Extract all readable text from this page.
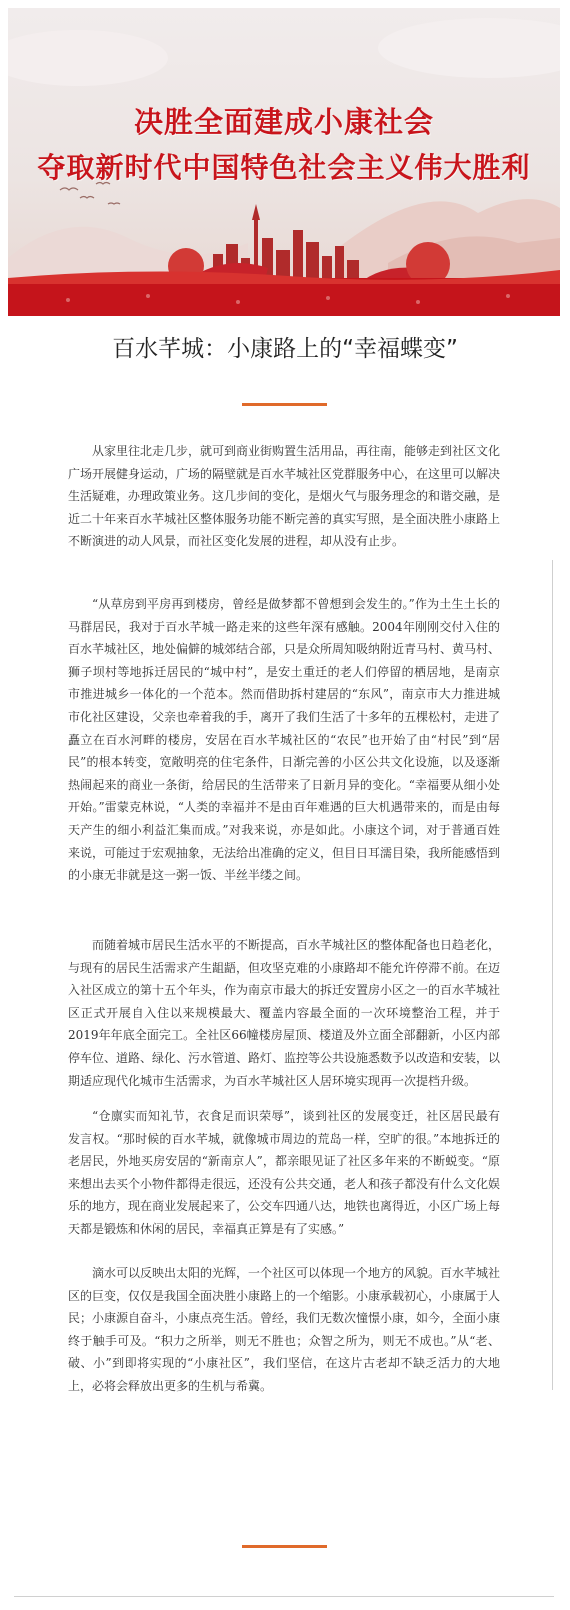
决胜全面建成小康社会
夺取新时代中国特色社会主义伟大胜利
百水芊城：小康路上的“幸福蝶变”

从家里往北走几步，就可到商业街购置生活用品，再往南，能够走到社区文化广场开展健身运动，广场的隔壁就是百水芊城社区党群服务中心，在这里可以解决生活疑难，办理政策业务。这几步间的变化，是烟火气与服务理念的和谐交融，是近二十年来百水芊城社区整体服务功能不断完善的真实写照，是全面决胜小康路上不断演进的动人风景，而社区变化发展的进程，却从没有止步。

“从草房到平房再到楼房，曾经是做梦都不曾想到会发生的。”作为土生土长的马群居民，我对于百水芊城一路走来的这些年深有感触。2004年刚刚交付入住的百水芊城社区，地处偏僻的城郊结合部，只是众所周知吸纳附近青马村、黄马村、狮子坝村等地拆迁居民的“城中村”，是安土重迁的老人们停留的栖居地，是南京市推进城乡一体化的一个范本。然而借助拆村建居的“东风”，南京市大力推进城市化社区建设，父亲也牵着我的手，离开了我们生活了十多年的五棵松村，走进了矗立在百水河畔的楼房，安居在百水芊城社区的“农民”也开始了由“村民”到“居民”的根本转变，宽敞明亮的住宅条件，日渐完善的小区公共文化设施，以及逐渐热闹起来的商业一条街，给居民的生活带来了日新月异的变化。“幸福要从细小处开始。”雷蒙克林说，“人类的幸福并不是由百年难遇的巨大机遇带来的，而是由每天产生的细小利益汇集而成。”对我来说，亦是如此。小康这个词，对于普通百姓来说，可能过于宏观抽象，无法给出准确的定义，但目日耳濡目染，我所能感悟到的小康无非就是这一粥一饭、半丝半缕之间。

而随着城市居民生活水平的不断提高，百水芊城社区的整体配备也日趋老化，与现有的居民生活需求产生龃龉，但攻坚克难的小康路却不能允许停滞不前。在迈入社区成立的第十五个年头，作为南京市最大的拆迁安置房小区之一的百水芊城社区正式开展自入住以来规模最大、覆盖内容最全面的一次环境整治工程，并于2019年年底全面完工。全社区66幢楼房屋顶、楼道及外立面全部翻新，小区内部停车位、道路、绿化、污水管道、路灯、监控等公共设施悉数予以改造和安装，以期适应现代化城市生活需求，为百水芊城社区人居环境实现再一次提档升级。

“仓廪实而知礼节，衣食足而识荣辱”，谈到社区的发展变迁，社区居民最有发言权。“那时候的百水芊城，就像城市周边的荒岛一样，空旷的很。”本地拆迁的老居民，外地买房安居的“新南京人”，都亲眼见证了社区多年来的不断蜕变。“原来想出去买个小物件都得走很远，还没有公共交通，老人和孩子都没有什么文化娱乐的地方，现在商业发展起来了，公交车四通八达，地铁也离得近，小区广场上每天都是锻炼和休闲的居民，幸福真正算是有了实感。”

滴水可以反映出太阳的光辉，一个社区可以体现一个地方的风貌。百水芊城社区的巨变，仅仅是我国全面决胜小康路上的一个缩影。小康承载初心，小康属于人民；小康源自奋斗，小康点亮生活。曾经，我们无数次憧憬小康，如今，全面小康终于触手可及。“积力之所举，则无不胜也；众智之所为，则无不成也。”从“老、破、小”到即将实现的“小康社区”，我们坚信，在这片古老却不缺乏活力的大地上，必将会释放出更多的生机与希冀。
